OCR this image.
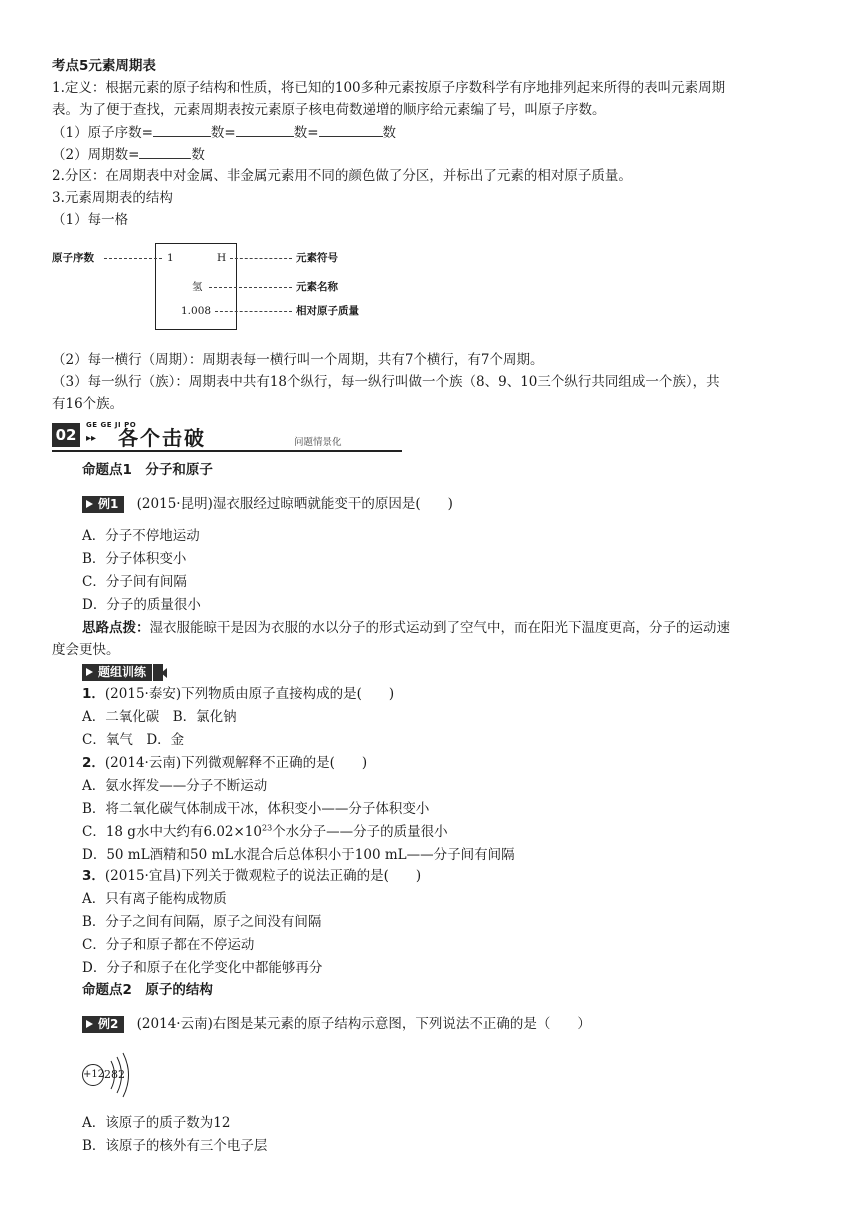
考点5元素周期表
1.定义：根据元素的原子结构和性质，将已知的100多种元素按原子序数科学有序地排列起来所得的表叫元素周期
表。为了便于查找，元素周期表按元素原子核电荷数递增的顺序给元素编了号，叫原子序数。
（1）原子序数=	数=	数=	数
（2）周期数=	数
2.分区：在周期表中对金属、非金属元素用不同的颜色做了分区，并标出了元素的相对原子质量。
3.元素周期表的结构
（1）每一格
原子序数	1	H	元素符号
氢	元素名称
1.008	相对原子质量
（2）每一横行（周期）：周期表每一横行叫一个周期，共有7个横行，有7个周期。
（3）每一纵行（族）：周期表中共有18个纵行，每一纵行叫做一个族（8、9、10三个纵行共同组成一个族），共
有16个族。
02
GE GE JI PO
▸▸ 各个击破	问题情景化
命题点1　分子和原子
例1 (2015·昆明)湿衣服经过晾晒就能变干的原因是(　　)
A．分子不停地运动
B．分子体积变小
C．分子间有间隔
D．分子的质量很小
思路点拨：湿衣服能晾干是因为衣服的水以分子的形式运动到了空气中，而在阳光下温度更高，分子的运动速
度会更快。
题组训练
1．(2015·泰安)下列物质由原子直接构成的是(　　)
A．二氧化碳　B．氯化钠
C．氧气　D．金
2．(2014·云南)下列微观解释不正确的是(　　)
A．氨水挥发——分子不断运动
B．将二氧化碳气体制成干冰，体积变小——分子体积变小
C．18 g水中大约有$6.02\times 10^{23}$个水分子——分子的质量很小
D．50 mL酒精和50 mL水混合后总体积小于100 mL——分子间有间隔
3．(2015·宜昌)下列关于微观粒子的说法正确的是(　　)
A．只有离子能构成物质
B．分子之间有间隔，原子之间没有间隔
C．分子和原子都在不停运动
D．分子和原子在化学变化中都能够再分
命题点2　原子的结构
例2 (2014·云南)右图是某元素的原子结构示意图，下列说法不正确的是（　　）
+12 2 8 2
A．该原子的质子数为12
B．该原子的核外有三个电子层
